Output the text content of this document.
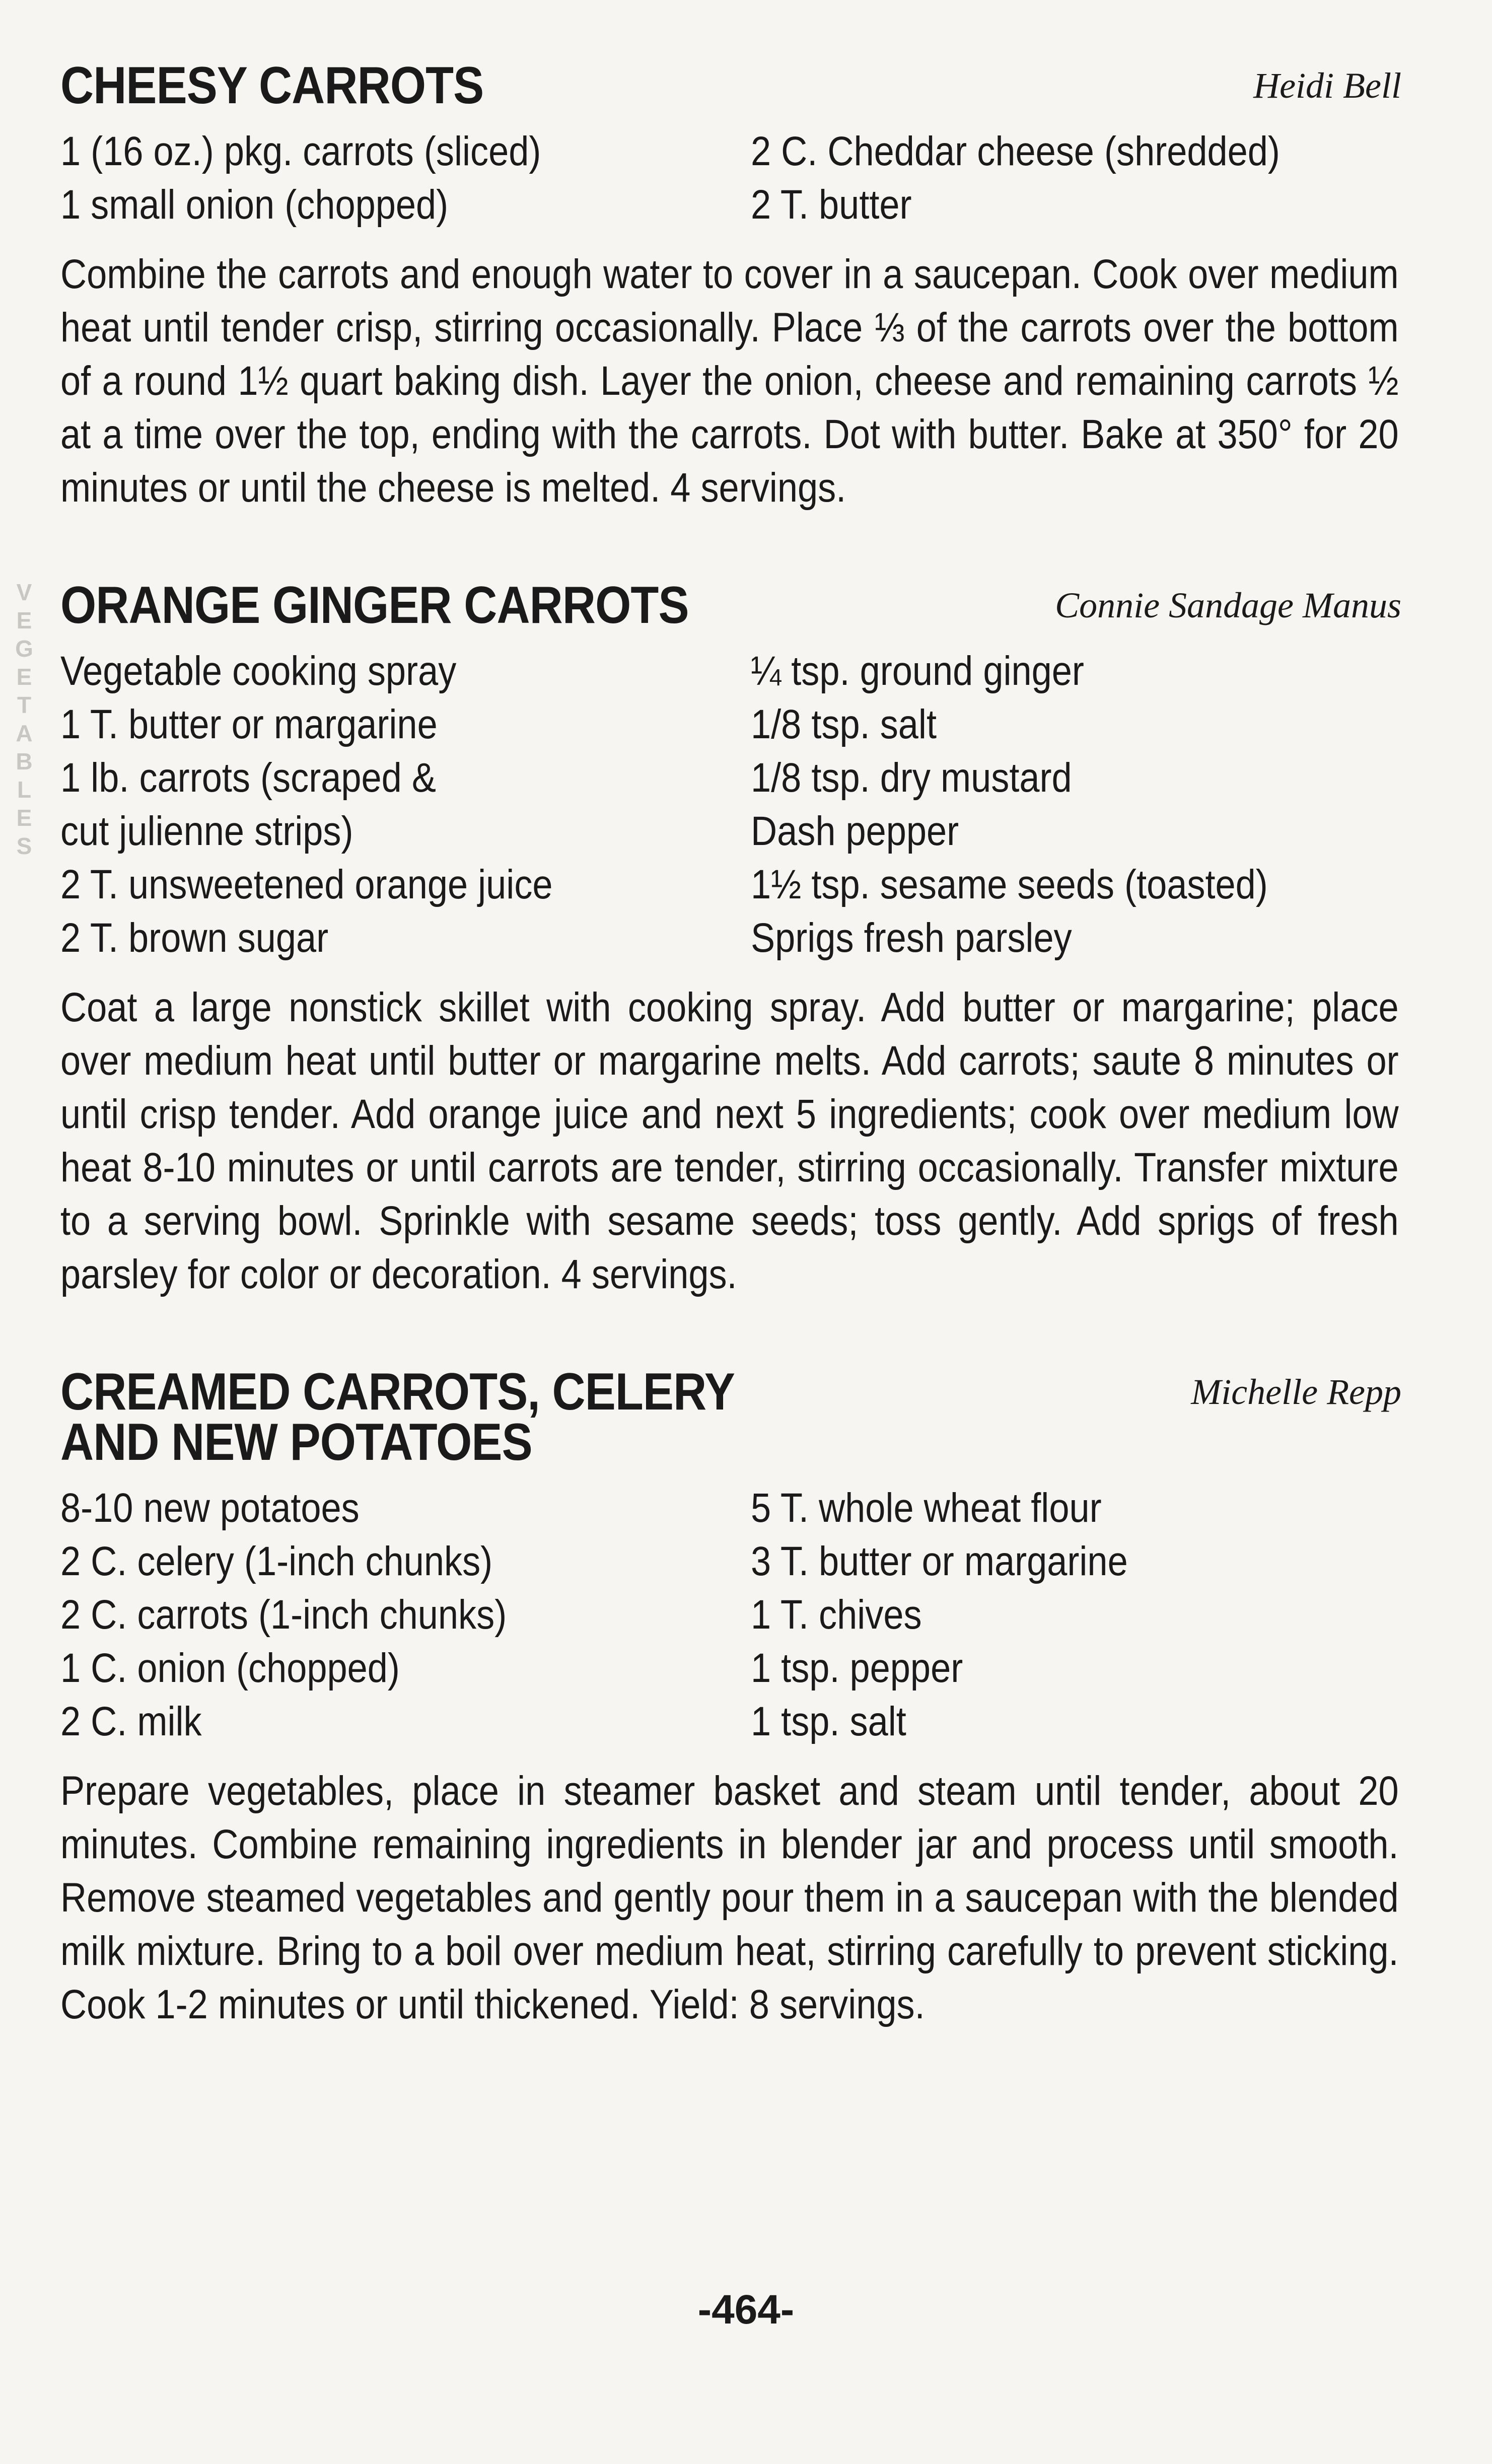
V
E
G
E
T
A
B
L
E
S
CHEESY CARROTS	Heidi Bell
1 (16 oz.) pkg. carrots (sliced)
1 small onion (chopped)
2 C. Cheddar cheese (shredded)
2 T. butter

Combine the carrots and enough water to cover in a saucepan. Cook over medium heat until tender crisp, stirring occasionally. Place ⅓ of the carrots over the bottom of a round 1½ quart baking dish. Layer the onion, cheese and remaining carrots ½ at a time over the top, ending with the carrots. Dot with butter. Bake at 350° for 20 minutes or until the cheese is melted. 4 servings.

ORANGE GINGER CARROTS	Connie Sandage Manus
Vegetable cooking spray
1 T. butter or margarine
1 lb. carrots (scraped &
cut julienne strips)
2 T. unsweetened orange juice
2 T. brown sugar
¼ tsp. ground ginger
1/8 tsp. salt
1/8 tsp. dry mustard
Dash pepper
1½ tsp. sesame seeds (toasted)
Sprigs fresh parsley

Coat a large nonstick skillet with cooking spray. Add butter or margarine; place over medium heat until butter or margarine melts. Add carrots; saute 8 minutes or until crisp tender. Add orange juice and next 5 ingredients; cook over medium low heat 8-10 minutes or until carrots are tender, stirring occasionally. Transfer mixture to a serving bowl. Sprinkle with sesame seeds; toss gently. Add sprigs of fresh parsley for color or decoration. 4 servings.

CREAMED CARROTS, CELERY
AND NEW POTATOES
Michelle Repp
8-10 new potatoes
2 C. celery (1-inch chunks)
2 C. carrots (1-inch chunks)
1 C. onion (chopped)
2 C. milk
5 T. whole wheat flour
3 T. butter or margarine
1 T. chives
1 tsp. pepper
1 tsp. salt

Prepare vegetables, place in steamer basket and steam until tender, about 20 minutes. Combine remaining ingredients in blender jar and process until smooth. Remove steamed vegetables and gently pour them in a saucepan with the blended milk mixture. Bring to a boil over medium heat, stirring carefully to prevent sticking. Cook 1-2 minutes or until thickened. Yield: 8 servings.

-464-
